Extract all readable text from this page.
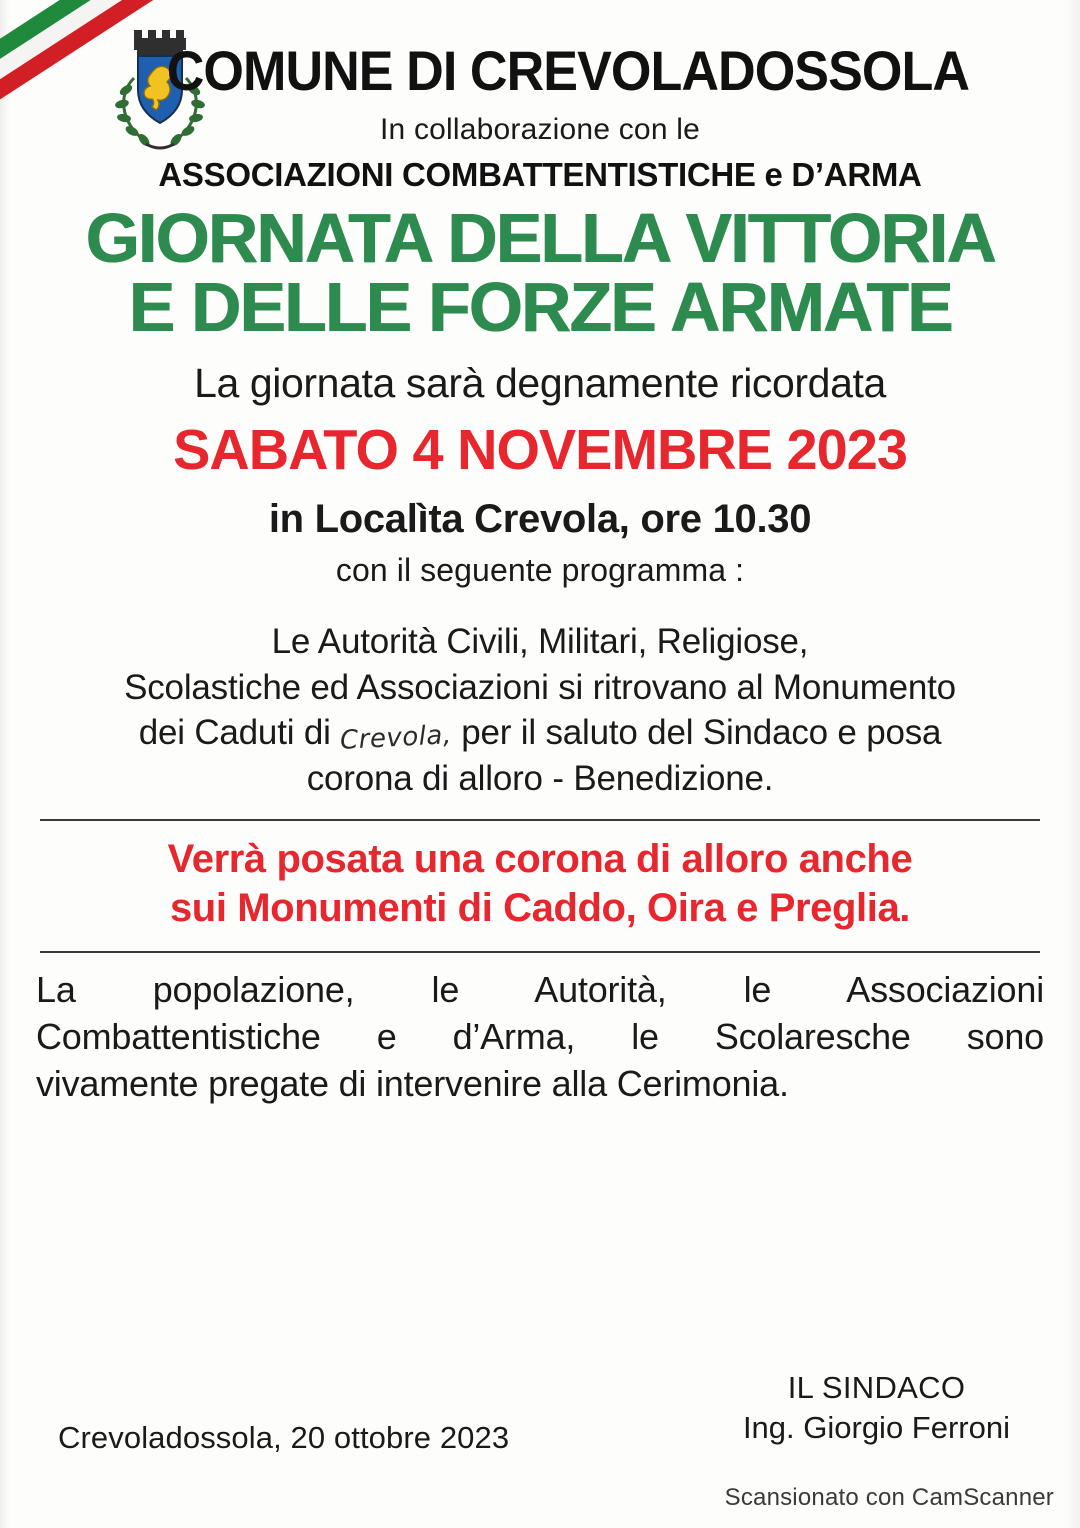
COMUNE DI CREVOLADOSSOLA
In collaborazione con le
ASSOCIAZIONI COMBATTENTISTICHE e D’ARMA
GIORNATA DELLA VITTORIA
E DELLE FORZE ARMATE
La giornata sarà degnamente ricordata
SABATO 4 NOVEMBRE 2023
in Localìta Crevola, ore 10.30
con il seguente programma :
Le Autorità Civili, Militari, Religiose,
Scolastiche ed Associazioni si ritrovano al Monumento
dei Caduti di Crevola, per il saluto del Sindaco e posa
corona di alloro - Benedizione.
Verrà posata una corona di alloro anche
sui Monumenti di Caddo, Oira e Preglia.
La popolazione, le Autorità, le Associazioni
Combattentistiche e d’Arma, le Scolaresche sono
vivamente pregate di intervenire alla Cerimonia.
IL SINDACO
Ing. Giorgio Ferroni
Crevoladossola, 20 ottobre 2023
Scansionato con CamScanner
